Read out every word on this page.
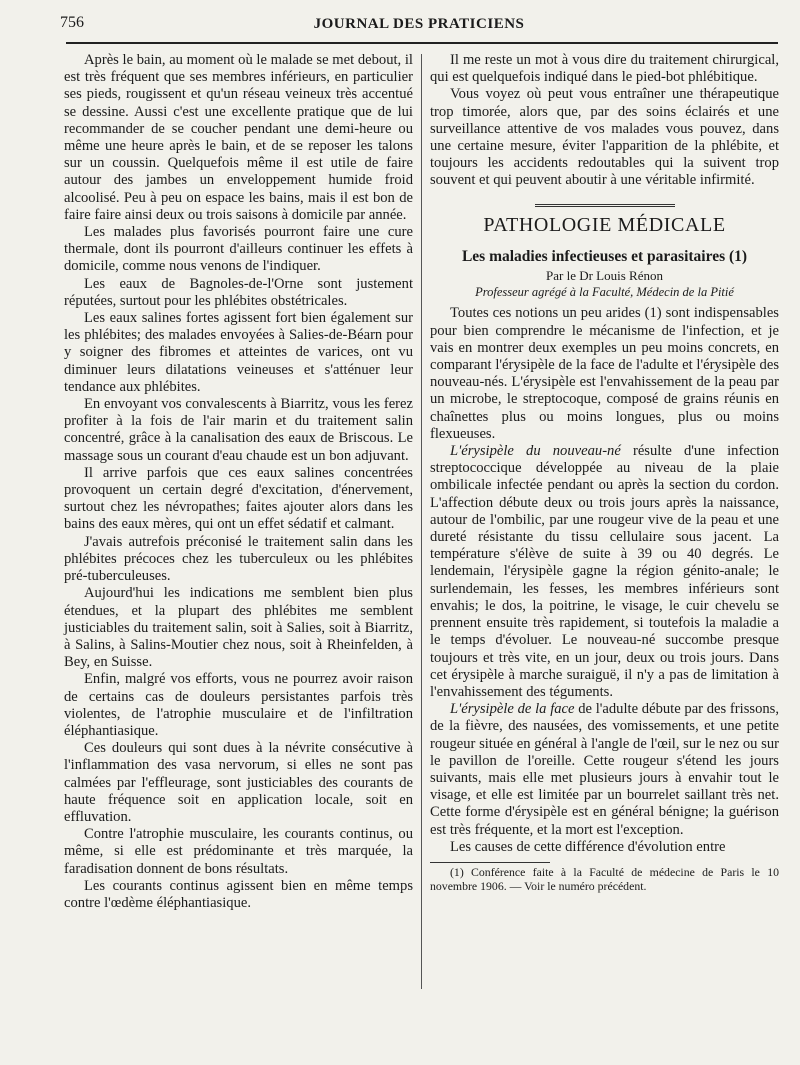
756	JOURNAL DES PRATICIENS

Après le bain, au moment où le malade se met debout, il est très fréquent que ses membres inférieurs, en particulier ses pieds, rougissent et qu'un réseau veineux très accentué se dessine. Aussi c'est une excellente pratique que de lui recommander de se coucher pendant une demi-heure ou même une heure après le bain, et de se reposer les talons sur un coussin. Quelquefois même il est utile de faire autour des jambes un enveloppement humide froid alcoolisé. Peu à peu on espace les bains, mais il est bon de faire faire ainsi deux ou trois saisons à domicile par année.

Les malades plus favorisés pourront faire une cure thermale, dont ils pourront d'ailleurs continuer les effets à domicile, comme nous venons de l'indiquer.

Les eaux de Bagnoles-de-l'Orne sont justement réputées, surtout pour les phlébites obstétricales.

Les eaux salines fortes agissent fort bien également sur les phlébites; des malades envoyées à Salies-de-Béarn pour y soigner des fibromes et atteintes de varices, ont vu diminuer leurs dilatations veineuses et s'atténuer leur tendance aux phlébites.

En envoyant vos convalescents à Biarritz, vous les ferez profiter à la fois de l'air marin et du traitement salin concentré, grâce à la canalisation des eaux de Briscous. Le massage sous un courant d'eau chaude est un bon adjuvant.

Il arrive parfois que ces eaux salines concentrées provoquent un certain degré d'excitation, d'énervement, surtout chez les névropathes; faites ajouter alors dans les bains des eaux mères, qui ont un effet sédatif et calmant.

J'avais autrefois préconisé le traitement salin dans les phlébites précoces chez les tuberculeux ou les phlébites pré-tuberculeuses.

Aujourd'hui les indications me semblent bien plus étendues, et la plupart des phlébites me semblent justiciables du traitement salin, soit à Salies, soit à Biarritz, à Salins, à Salins-Moutier chez nous, soit à Rheinfelden, à Bey, en Suisse.

Enfin, malgré vos efforts, vous ne pourrez avoir raison de certains cas de douleurs persistantes parfois très violentes, de l'atrophie musculaire et de l'infiltration éléphantiasique.

Ces douleurs qui sont dues à la névrite consécutive à l'inflammation des vasa nervorum, si elles ne sont pas calmées par l'effleurage, sont justiciables des courants de haute fréquence soit en application locale, soit en effluvation.

Contre l'atrophie musculaire, les courants continus, ou même, si elle est prédominante et très marquée, la faradisation donnent de bons résultats.

Les courants continus agissent bien en même temps contre l'œdème éléphantiasique.

Il me reste un mot à vous dire du traitement chirurgical, qui est quelquefois indiqué dans le pied-bot phlébitique.

Vous voyez où peut vous entraîner une thérapeutique trop timorée, alors que, par des soins éclairés et une surveillance attentive de vos malades vous pouvez, dans une certaine mesure, éviter l'apparition de la phlébite, et toujours les accidents redoutables qui la suivent trop souvent et qui peuvent aboutir à une véritable infirmité.

PATHOLOGIE MÉDICALE
Les maladies infectieuses et parasitaires (1)
Par le Dr Louis Rénon
Professeur agrégé à la Faculté, Médecin de la Pitié

Toutes ces notions un peu arides (1) sont indispensables pour bien comprendre le mécanisme de l'infection, et je vais en montrer deux exemples un peu moins concrets, en comparant l'érysipèle de la face de l'adulte et l'érysipèle des nouveau-nés. L'érysipèle est l'envahissement de la peau par un microbe, le streptocoque, composé de grains réunis en chaînettes plus ou moins longues, plus ou moins flexueuses.

L'érysipèle du nouveau-né résulte d'une infection streptococcique développée au niveau de la plaie ombilicale infectée pendant ou après la section du cordon. L'affection débute deux ou trois jours après la naissance, autour de l'ombilic, par une rougeur vive de la peau et une dureté résistante du tissu cellulaire sous jacent. La température s'élève de suite à 39 ou 40 degrés. Le lendemain, l'érysipèle gagne la région génito-anale; le surlendemain, les fesses, les membres inférieurs sont envahis; le dos, la poitrine, le visage, le cuir chevelu se prennent ensuite très rapidement, si toutefois la maladie a le temps d'évoluer. Le nouveau-né succombe presque toujours et très vite, en un jour, deux ou trois jours. Dans cet érysipèle à marche suraiguë, il n'y a pas de limitation à l'envahissement des téguments.

L'érysipèle de la face de l'adulte débute par des frissons, de la fièvre, des nausées, des vomissements, et une petite rougeur située en général à l'angle de l'œil, sur le nez ou sur le pavillon de l'oreille. Cette rougeur s'étend les jours suivants, mais elle met plusieurs jours à envahir tout le visage, et elle est limitée par un bourrelet saillant très net. Cette forme d'érysipèle est en général bénigne; la guérison est très fréquente, et la mort est l'exception.

Les causes de cette différence d'évolution entre

(1) Conférence faite à la Faculté de médecine de Paris le 10 novembre 1906. — Voir le numéro précédent.
